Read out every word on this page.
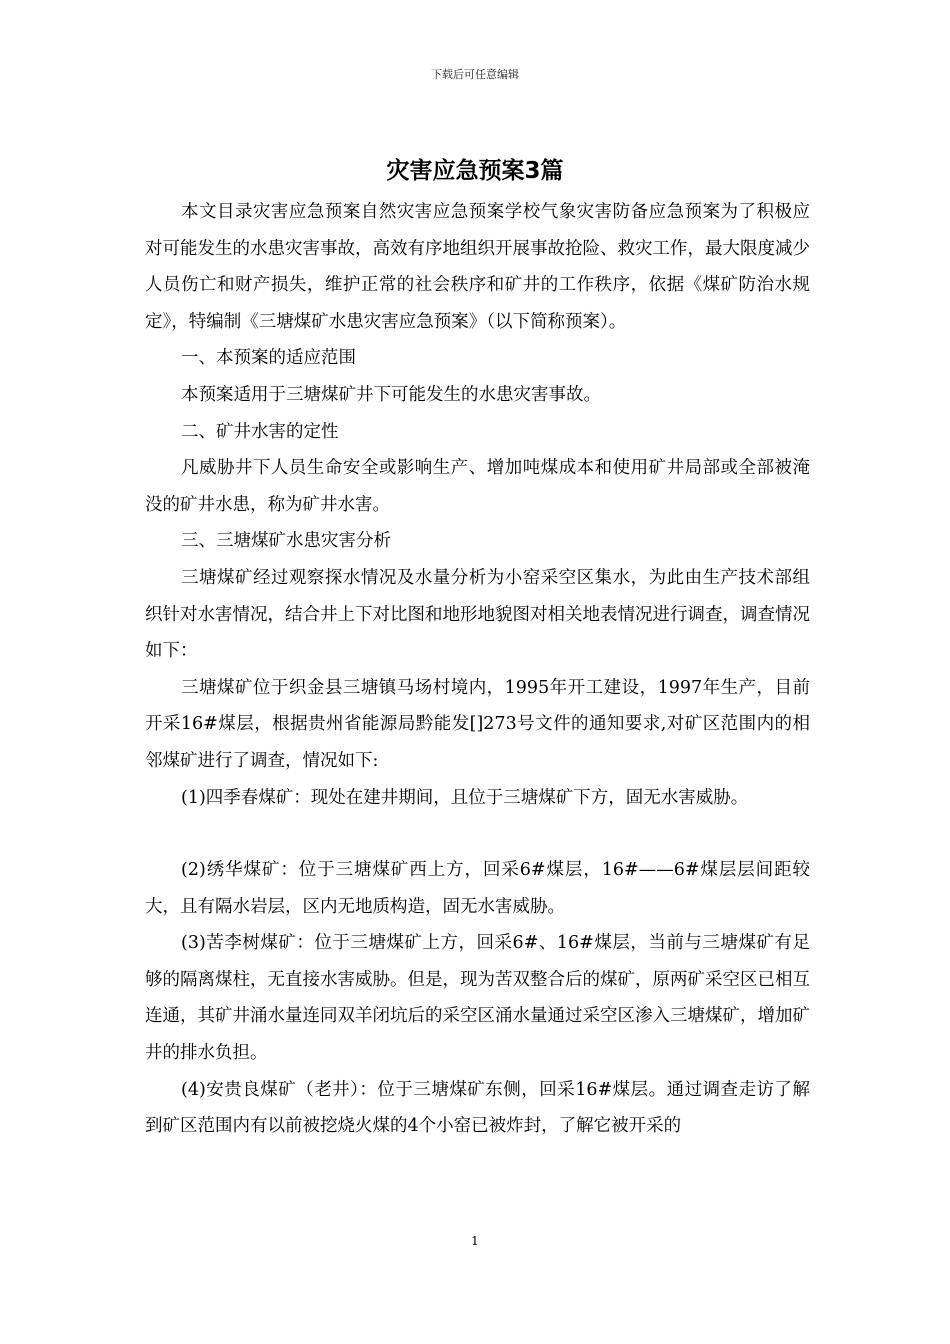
下载后可任意编辑
灾害应急预案3篇

本文目录灾害应急预案自然灾害应急预案学校气象灾害防备应急预案为了积极应对可能发生的水患灾害事故，高效有序地组织开展事故抢险、救灾工作，最大限度减少人员伤亡和财产损失，维护正常的社会秩序和矿井的工作秩序，依据《煤矿防治水规定》，特编制《三塘煤矿水患灾害应急预案》（以下简称预案）。

一、本预案的适应范围

本预案适用于三塘煤矿井下可能发生的水患灾害事故。

二、矿井水害的定性

凡威胁井下人员生命安全或影响生产、增加吨煤成本和使用矿井局部或全部被淹没的矿井水患，称为矿井水害。

三、三塘煤矿水患灾害分析

三塘煤矿经过观察探水情况及水量分析为小窑采空区集水，为此由生产技术部组织针对水害情况，结合井上下对比图和地形地貌图对相关地表情况进行调查，调查情况如下：

三塘煤矿位于织金县三塘镇马场村境内，1995年开工建设，1997年生产，目前开采16#煤层，根据贵州省能源局黔能发[]273号文件的通知要求,对矿区范围内的相邻煤矿进行了调查，情况如下:

(1)四季春煤矿：现处在建井期间，且位于三塘煤矿下方，固无水害威胁。

(2)绣华煤矿：位于三塘煤矿西上方，回采6#煤层，16#——6#煤层层间距较大，且有隔水岩层，区内无地质构造，固无水害威胁。

(3)苦李树煤矿：位于三塘煤矿上方，回采6#、16#煤层，当前与三塘煤矿有足够的隔离煤柱，无直接水害威胁。但是，现为苦双整合后的煤矿，原两矿采空区已相互连通，其矿井涌水量连同双羊闭坑后的采空区涌水量通过采空区渗入三塘煤矿，增加矿井的排水负担。

(4)安贵良煤矿（老井）：位于三塘煤矿东侧，回采16#煤层。通过调查走访了解到矿区范围内有以前被挖烧火煤的4个小窑已被炸封，了解它被开采的

1
